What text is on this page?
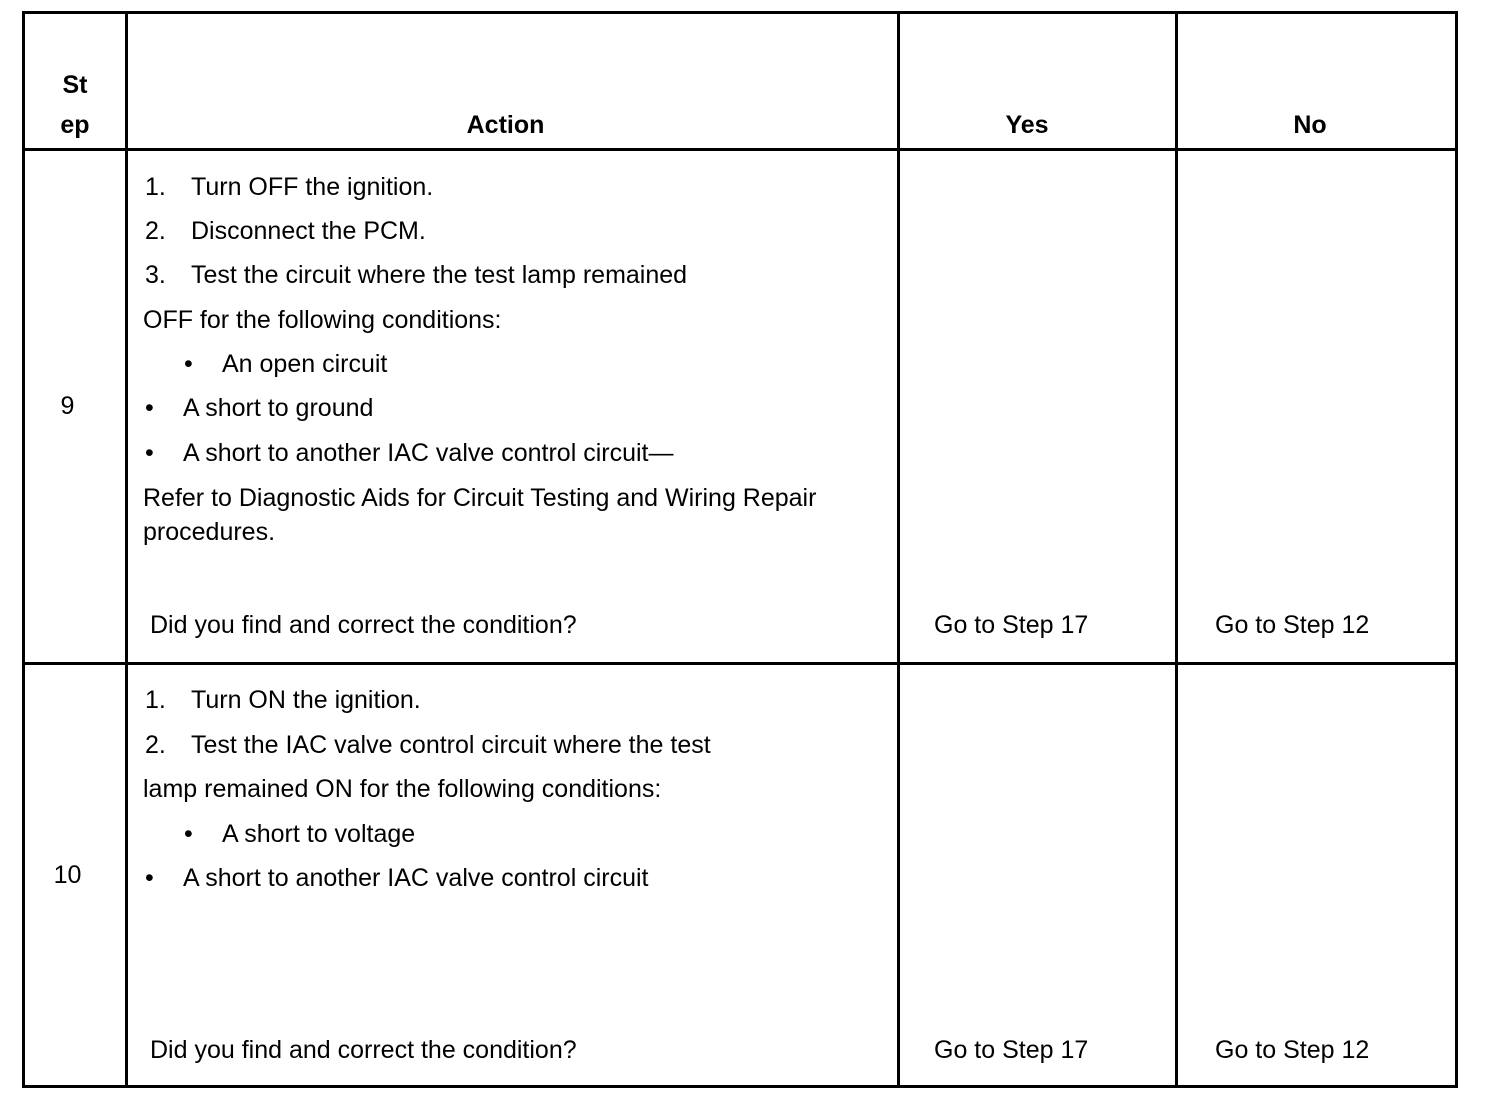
St
ep	Action	Yes	No
9
1. Turn OFF the ignition.
2. Disconnect the PCM.
3. Test the circuit where the test lamp remained
OFF for the following conditions:
• An open circuit
• A short to ground
• A short to another IAC valve control circuit—
Refer to Diagnostic Aids for Circuit Testing and Wiring Repair
procedures.
Did you find and correct the condition?	Go to Step 17	Go to Step 12
10
1. Turn ON the ignition.
2. Test the IAC valve control circuit where the test
lamp remained ON for the following conditions:
• A short to voltage
• A short to another IAC valve control circuit
Did you find and correct the condition?	Go to Step 17	Go to Step 12
